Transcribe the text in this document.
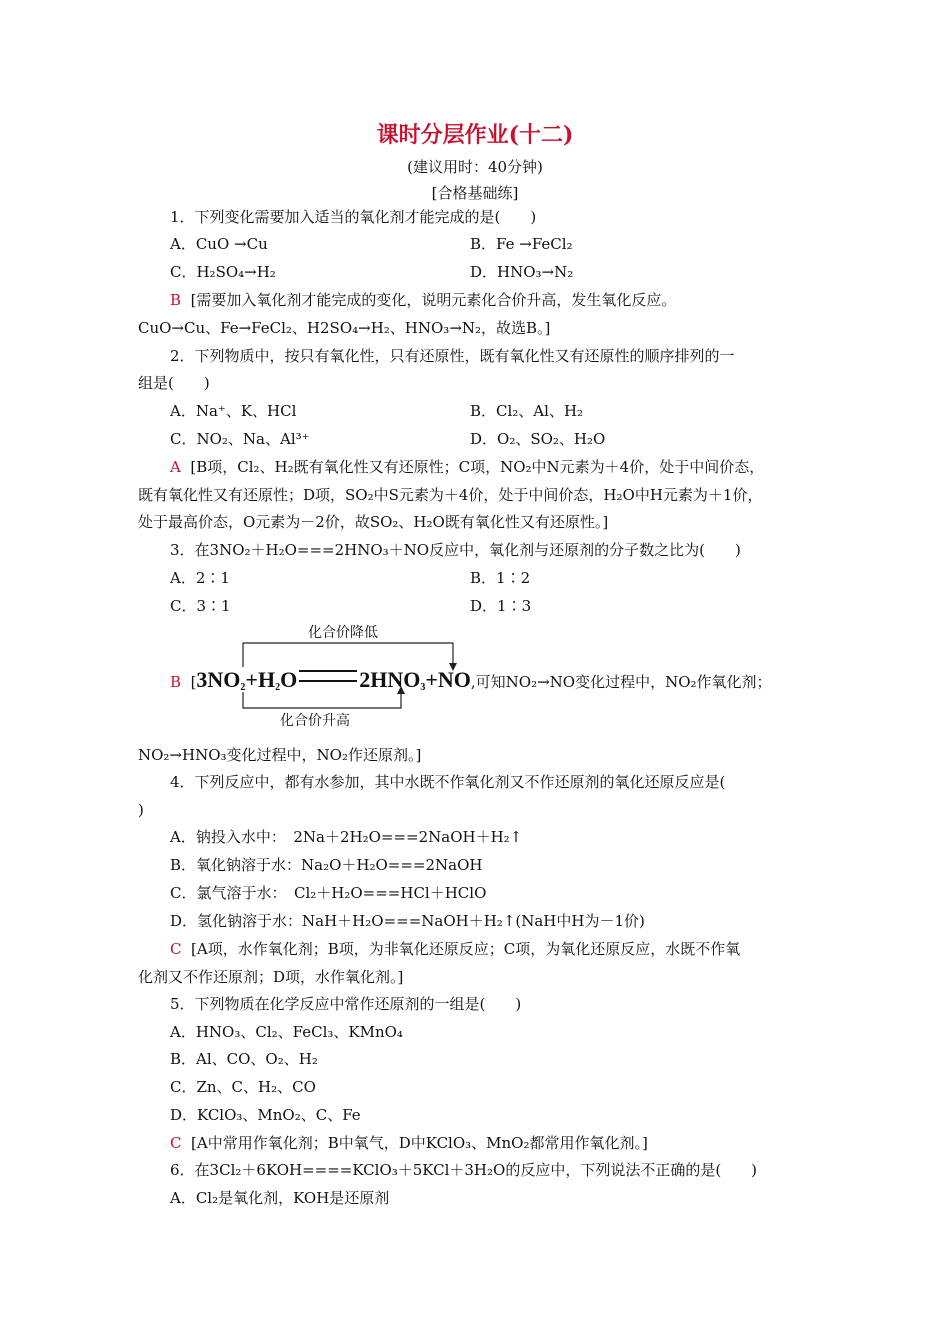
课时分层作业(十二)
(建议用时：40分钟)
[合格基础练]
1．下列变化需要加入适当的氧化剂才能完成的是(　　)
A．CuO →Cu	B．Fe →FeCl₂
C．H₂SO₄→H₂	D．HNO₃→N₂
B [需要加入氧化剂才能完成的变化，说明元素化合价升高，发生氧化反应。
CuO→Cu、Fe→FeCl₂、H2SO₄→H₂、HNO₃→N₂，故选B。]
2．下列物质中，按只有氧化性，只有还原性，既有氧化性又有还原性的顺序排列的一
组是(　　)
A．Na⁺、K、HCl	B．Cl₂、Al、H₂
C．NO₂、Na、Al³⁺	D．O₂、SO₂、H₂O
A [B项，Cl₂、H₂既有氧化性又有还原性；C项，NO₂中N元素为＋4价，处于中间价态，
既有氧化性又有还原性；D项，SO₂中S元素为＋4价，处于中间价态，H₂O中H元素为＋1价，
处于最高价态，O元素为－2价，故SO₂、H₂O既有氧化性又有还原性。]
3．在3NO₂＋H₂O===2HNO₃＋NO反应中，氧化剂与还原剂的分子数之比为(　　)
A．2∶1	B．1∶2
C．3∶1	D．1∶3
化合价降低
化合价升高
B  [$3NO_2+H_2O$	$2HNO_3+NO$,可知NO₂→NO变化过程中，NO₂作氧化剂；
NO₂→HNO₃变化过程中，NO₂作还原剂。]
4．下列反应中，都有水参加，其中水既不作氧化剂又不作还原剂的氧化还原反应是(
)
A．钠投入水中：　2Na＋2H₂O===2NaOH＋H₂↑
B．氧化钠溶于水：Na₂O＋H₂O===2NaOH
C．氯气溶于水：　Cl₂＋H₂O===HCl＋HClO
D．氢化钠溶于水：NaH＋H₂O===NaOH＋H₂↑(NaH中H为－1价)
C [A项，水作氧化剂；B项，为非氧化还原反应；C项，为氧化还原反应，水既不作氧
化剂又不作还原剂；D项，水作氧化剂。]
5．下列物质在化学反应中常作还原剂的一组是(　　)
A．HNO₃、Cl₂、FeCl₃、KMnO₄
B．Al、CO、O₂、H₂
C．Zn、C、H₂、CO
D．KClO₃、MnO₂、C、Fe
C [A中常用作氧化剂；B中氧气，D中KClO₃、MnO₂都常用作氧化剂。]
6．在3Cl₂＋6KOH====KClO₃＋5KCl＋3H₂O的反应中，下列说法不正确的是(　　)
A．Cl₂是氧化剂，KOH是还原剂
